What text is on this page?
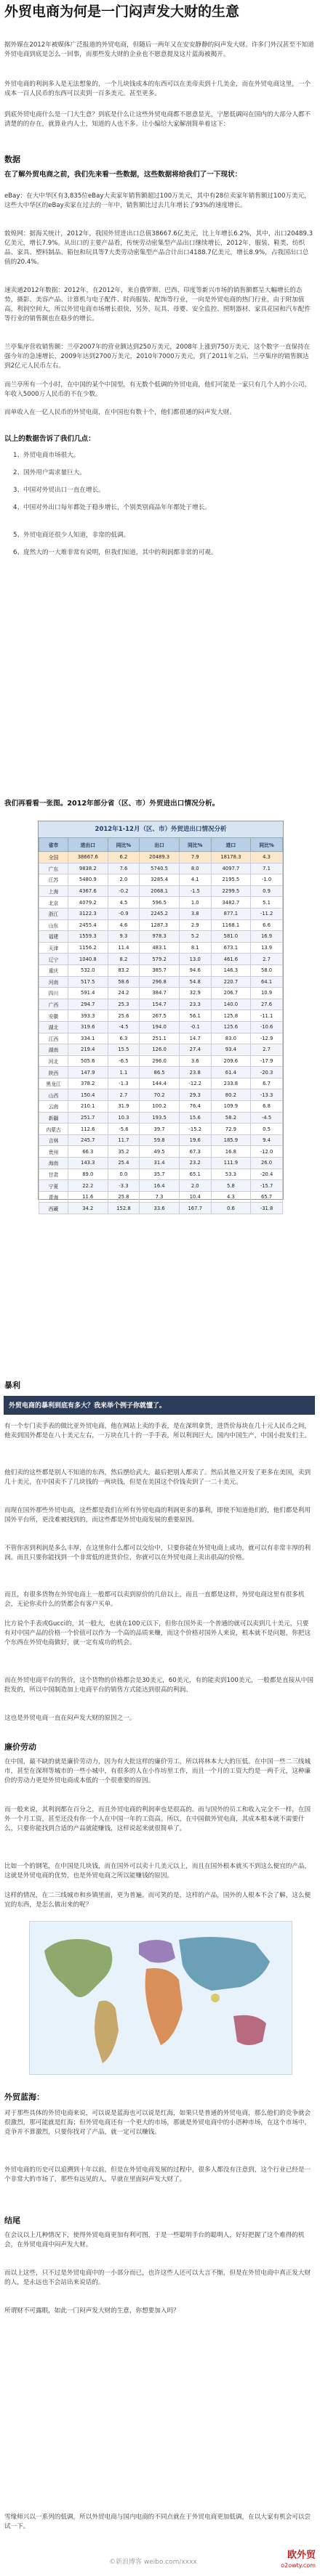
外贸电商为何是一门闷声发大财的生意
据外媒在2012年被媒体广泛报道的外贸电商，但随后一两年又在安安静静的闷声发大财。许多门外汉甚至不知道外贸电商到底是怎么一回事，而那些发大财的企业也不愿意提及这片蓝海被揭开。
外贸电商的利润多人是无法想象的，一个儿块钱成本的东西可以在美帝卖到十几美金，而在外贸电商这里，一个成本一百人民币的东西可以卖到一百多美元。甚至更多。
到底外贸电商什么是一门大生意？到底是什么让这些外贸电商都不愿意显光，宁愿低调闷在国内的大部分人都不清楚的的存在，就算业内人士，知道的人也不多。让小编给大家解剖简单着这下：
数据
在了解外贸电商之前，我们先来看一些数据，这些数据将给我们了一下现状：
eBay：在大中华区有3,835位eBay大卖家年销售额超过100万美元，其中有28位卖家年销售额过100万美元，这些大中华区的eBay卖家在过去的一年中，销售额比过去几年增长了93%的速度增长。
敦煌网：据海关统计，2012年，我国外贸进出口总值38667.6亿美元，比上年增长6.2%，其中，出口20489.3亿美元，增长7.9%。从出口的主要产品看，传统劳动密集型产品出口继续增长，2012年，服装、鞋类、纺织品、家具、塑料制品、箱包和玩具等7大类劳动密集型产品合计出口4188.7亿美元，增长8.9%，占我国出口总值的20.4%。
速卖通2012年数据：2012年，在2012年，来自俄罗斯、巴西、印度等新兴市场的销售额都呈大幅增长的态势，摄影、美容产品、计算机与电子配件、时尚服装、配饰等行业，一向是外贸电商的热门行业，由于附加值高，利润空间大，所以外贸电商市场增长很快，另外，玩具、母婴、安全监控、照明器材、家具花园和汽车配件等行业的销售额也在稳步的增长。
兰亭集序营收销售额：兰亭2007年的营业额达到250万美元，2008年上涨到750万美元，这个数字一直保持在强今年的急速增长，2009年达到2700万美元，2010年7000万美元，到了2011年之后，兰亭集序的销售额达到2亿元人民币左右。
而兰亭所有一个小时，在中国的某个中国型，有无数个低调的外贸电商，他们可能是一家只有几个人的小公司，年收入5000万人民币的不在少数。
而单收入在一亿人民币的外贸电商，在中国也有数十个，他们都很通的闷声发大财。
以上的数据告诉了我们几点：
1、外贸电商市场很大。
2、国外用户需求量巨大。
3、中国对外贸出口一直在增长。
4、中国对外出口每年都处于稳步增长，个别类别商品年年都处于增长。
5、外贸电商还很少人知道，非常的低调。
6、庞然大的一大堆非常有说明，但我们知道，其中的利润都非常的可观。
我们再看看一张图。2012年部分省（区、市）外贸进出口情况分析。
2012年1-12月（区、市）外贸进出口情况分析
省市	进出口	同比%	出口	同比%	进口	同比%
全国	38667.6	6.2	20489.3	7.9	18178.3	4.3
广东	9838.2	7.6	5740.5	8.0	4097.7	7.1
江苏	5480.9	2.0	3285.4	4.1	2195.5	-1.0
上海	4367.6	-0.2	2068.1	-1.5	2299.5	0.9
北京	4079.2	4.5	596.5	1.0	3482.7	5.1
浙江	3122.3	-0.9	2245.2	3.8	877.1	-11.2
山东	2455.4	4.6	1287.3	2.9	1168.1	6.6
福建	1559.3	9.3	978.3	5.2	581.0	16.9
天津	1156.2	11.4	483.1	8.1	673.1	13.9
辽宁	1040.8	8.2	579.2	13.0	461.6	2.7
重庆	532.0	83.2	385.7	94.6	146.3	58.0
河南	517.5	58.6	296.8	54.8	220.7	64.1
四川	591.4	24.2	384.7	32.9	206.7	10.9
广西	294.7	25.3	154.7	23.3	140.0	27.6
安徽	393.3	25.6	267.5	56.1	125.8	-11.1
湖北	319.6	-4.5	194.0	-0.1	125.6	-10.6
江西	334.1	6.3	251.1	14.7	83.0	-12.9
湖南	219.4	15.5	126.0	27.4	93.4	2.7
河北	505.6	-6.5	296.0	3.6	209.6	-17.9
陕西	147.9	1.1	86.5	23.8	61.4	-20.3
黑龙江	378.2	-1.3	144.4	-12.2	233.8	6.7
山西	150.4	2.7	70.2	29.3	80.2	-13.3
云南	210.1	31.9	100.2	76.4	109.9	6.8
新疆	251.7	10.3	193.5	15.6	58.2	-4.5
内蒙古	112.6	-5.6	39.7	-15.2	72.9	0.5
吉林	245.7	11.7	59.8	19.6	185.9	9.4
贵州	66.3	35.2	49.5	67.3	16.8	-12.0
海南	143.3	25.4	31.4	23.2	111.9	26.0
甘肃	89.0	0.0	35.7	65.1	53.3	-20.4
宁夏	22.2	-3.3	16.4	2.0	5.8	-15.7
青海	11.6	25.8	7.3	10.4	4.3	65.7
西藏	34.2	152.8	33.6	167.7	0.6	-31.8
暴利
外贸电商的暴利到底有多大？我来举个例子你就懂了。
有一个专门卖手表的做比亚外贸电商，他在网站上卖的手表，是在深圳拿货，进货价每块在几十元人民币之间，他卖到国外都是在八十美元左右，一万块在几十的一手手表，所以利润巨大。国内中国生产，中国小批发们主。
他们卖的这些都是别人不知道的东西，然后摆给武大，最后把别人都卖了。然后其他又开发了更多在美国，卖到几十美元，在中国卖不了几块钱的一两块钱，但是在美国这个价钱卖到了一二十美元。
而现在国外那些外贸电商，这些都是我们在所有外贸电商的利润更多的暴利，即使不知道他们的，他们都是利用国外平台所，更没难被找到的，而这些都是外贸电商发展的重要原因。
不管你害到利润是多么丰厚，在这里你什么都可以交给中，只要你能在外贸电商上成功，就可以有非常丰厚的利润。而且只要你能找到一个非常低的进货价位，你就可以在外贸电商上卖出很高的价格。
而且，有很多货物在外贸电商上一般都可以卖到原价的几倍以上，而且一直都是这样，外贸电商这里有很多机会，无论你卖什么的货都会有客户买单。
比方说个手表或Gucci的，其一般大，也就在100元以下，但你在国外卖一个普通的就可以卖到几十美元，只要有对中国产品的价格一个价值可以作为一个高的品质来赚，而这个价格对国外人来说，根本就不是问题，你把这个东西在外贸电商做好，就一定有成功的机会。
而在外贸电商平台的售价，这个货物的价格都会是30美元，60美元，有的能卖到100美元，一般都是直接从中国批发的，所以中国制造加上电商平台的销售方式能达到很高的利润。
这也是外贸电商一直在闷声发大财的原因之一。
廉价劳动
在中国，最不缺的就是廉价劳动力，因为有大批这样的廉价劳工，所以将林本大大的压低。在中国一些二三线城市，甚至在深圳等城市的一些小城中，有很多的人在小作坊里工作，而且一个月的工资大约是一两千元，这种廉价的劳动力更是外贸电商成本低的一个很重要的原因。
而一般来说，其利润都在百分之，而且外贸电商的利润率也是很高的。而与国外的员工和收入完全不一样，在国外一个月工资，甚至还没有你一个人在中国一年的工资高。所以，在中国做外贸电商，其成本根本就不需要什么，只要你能找到合适的产品就能赚钱，这样说起来就很简单了。
比如一个的钢笔，在中国是几块钱，而在国外可以卖十几美元以上，而且在国外根本就买不到这么便宜的产品，这就是外贸电商的优势，也是外贸电商之所以能赚钱的原因。
这样的情况，在二三线城市和乡镇里面，更为普遍。而可笑的是，这样的产品，国外的人根本不会了解，这么便宜的东西，是怎么做出来的呢？
外贸蓝海：
对于那些具体的外贸电商来说，可以说是蓝海也可以说是红海，如果只是普通的外贸电商，那么他们的竞争就会很激烈，那可能就是红海；但外贸电商还有一个更大的市场，那就是外贸电商中的小语种市场，在这个市场中，竞争并不算激烈，只要你找对了产品，就一定可以赚钱。
外贸电商的历史可以追溯到十年以前，但是在外贸电商发展的过程中，很多人都没有注意到，这个行业已经是一个非常大的市场了，那些有远见的人，早就在里面闷声发大财了。
结尾
在会议以上几种情况下，使得外贸电商更加有利可图，于是一些聪明手台的聪明人，好好把握了这个难得的机会，在外贸电商中闷声发大财。
而以上这些，只不过是外贸电商中的一小部分而已，也许这些人还可以大言不惭，但是在外贸电商中真正发大财的人，是永远也不会站出来说话的。
所谓财不可露眼，如此一门闷声发大财的生意，你想要加入吗？
雪缘师兴以一系列的低调，所以外贸电商与国内电商的不同点就在于外贸电商更加低调，在以大家有机会可以尝试一下。
©新浪博客 weibo.com/xxxx
欧外贸
o2owty.com
